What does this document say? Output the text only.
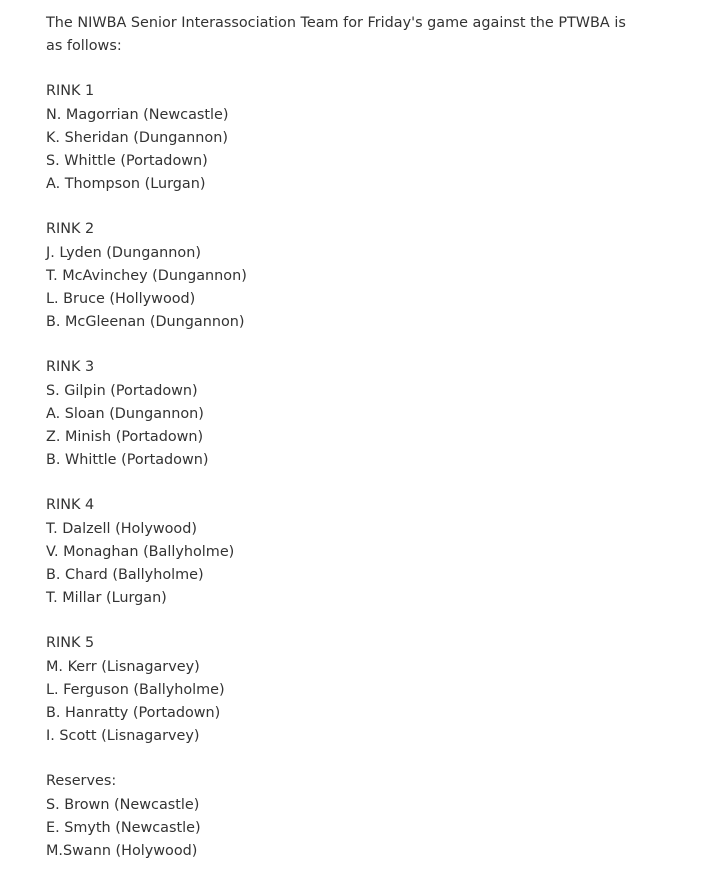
The NIWBA Senior Interassociation Team for Friday's game against the PTWBA is as follows:

RINK 1
N. Magorrian (Newcastle)
K. Sheridan (Dungannon)
S. Whittle (Portadown)
A. Thompson (Lurgan)
RINK 2
J. Lyden (Dungannon)
T. McAvinchey (Dungannon)
L. Bruce (Hollywood)
B. McGleenan (Dungannon)
RINK 3
S. Gilpin (Portadown)
A. Sloan (Dungannon)
Z. Minish (Portadown)
B. Whittle (Portadown)
RINK 4
T. Dalzell (Holywood)
V. Monaghan (Ballyholme)
B. Chard (Ballyholme)
T. Millar (Lurgan)
RINK 5
M. Kerr (Lisnagarvey)
L. Ferguson (Ballyholme)
B. Hanratty (Portadown)
I. Scott (Lisnagarvey)
Reserves:
S. Brown (Newcastle)
E. Smyth (Newcastle)
M.Swann (Holywood)
